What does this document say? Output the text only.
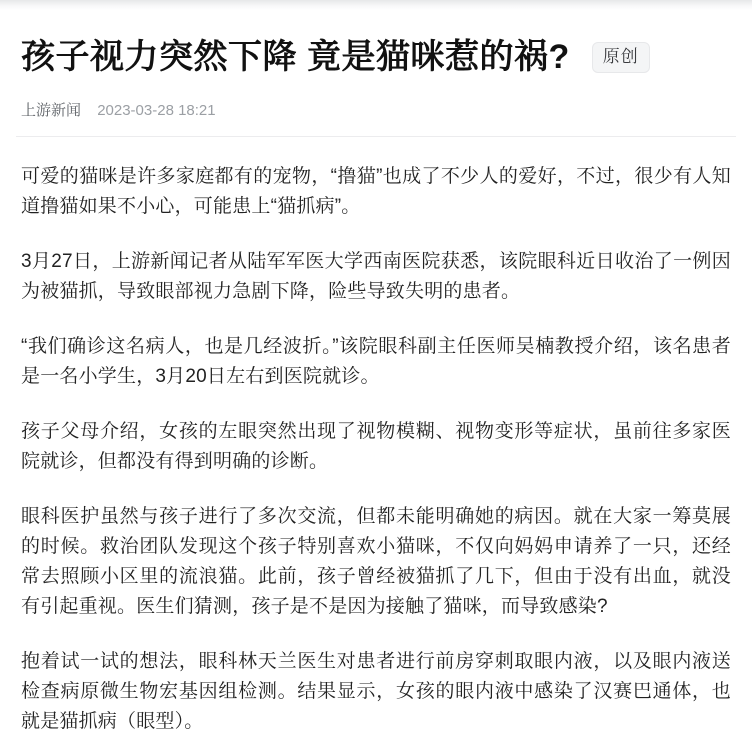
孩子视力突然下降 竟是猫咪惹的祸? 原创
上游新闻 2023-03-28 18:21

可爱的猫咪是许多家庭都有的宠物，“撸猫”也成了不少人的爱好，不过，很少有人知道撸猫如果不小心，可能患上“猫抓病”。

3月27日，上游新闻记者从陆军军医大学西南医院获悉，该院眼科近日收治了一例因为被猫抓，导致眼部视力急剧下降，险些导致失明的患者。

“我们确诊这名病人，也是几经波折。”该院眼科副主任医师吴楠教授介绍，该名患者是一名小学生，3月20日左右到医院就诊。

孩子父母介绍，女孩的左眼突然出现了视物模糊、视物变形等症状，虽前往多家医院就诊，但都没有得到明确的诊断。

眼科医护虽然与孩子进行了多次交流，但都未能明确她的病因。就在大家一筹莫展的时候。救治团队发现这个孩子特别喜欢小猫咪，不仅向妈妈申请养了一只，还经常去照顾小区里的流浪猫。此前，孩子曾经被猫抓了几下，但由于没有出血，就没有引起重视。医生们猜测，孩子是不是因为接触了猫咪，而导致感染?

抱着试一试的想法，眼科林天兰医生对患者进行前房穿刺取眼内液，以及眼内液送检查病原微生物宏基因组检测。结果显示，女孩的眼内液中感染了汉赛巴通体，也就是猫抓病（眼型）。
